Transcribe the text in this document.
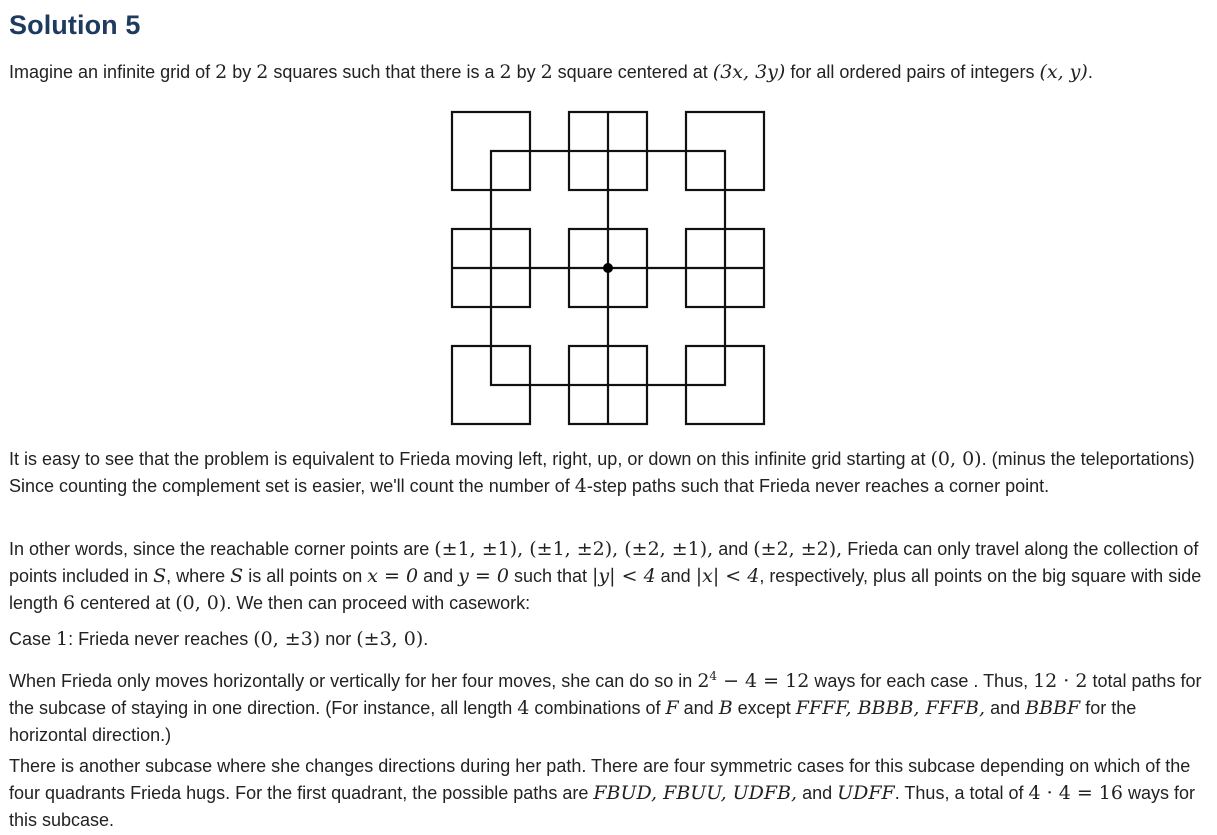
Solution 5

Imagine an infinite grid of 2 by 2 squares such that there is a 2 by 2 square centered at (3x, 3y) for all ordered pairs of integers (x, y).

It is easy to see that the problem is equivalent to Frieda moving left, right, up, or down on this infinite grid starting at (0, 0). (minus the teleportations) Since counting the complement set is easier, we'll count the number of 4-step paths such that Frieda never reaches a corner point.

In other words, since the reachable corner points are (±1, ±1), (±1, ±2), (±2, ±1), and (±2, ±2), Frieda can only travel along the collection of points included in S, where S is all points on x = 0 and y = 0 such that |y| < 4 and |x| < 4, respectively, plus all points on the big square with side length 6 centered at (0, 0). We then can proceed with casework:

Case 1: Frieda never reaches (0, ±3) nor (±3, 0).

When Frieda only moves horizontally or vertically for her four moves, she can do so in $2^4 - 4 = 12$ ways for each case . Thus, 12 · 2 total paths for the subcase of staying in one direction. (For instance, all length 4 combinations of F and B except FFFF, BBBB, FFFB, and BBBF for the horizontal direction.)

There is another subcase where she changes directions during her path. There are four symmetric cases for this subcase depending on which of the four quadrants Frieda hugs. For the first quadrant, the possible paths are FBUD, FBUU, UDFB, and UDFF. Thus, a total of 4 · 4 = 16 ways for this subcase.
